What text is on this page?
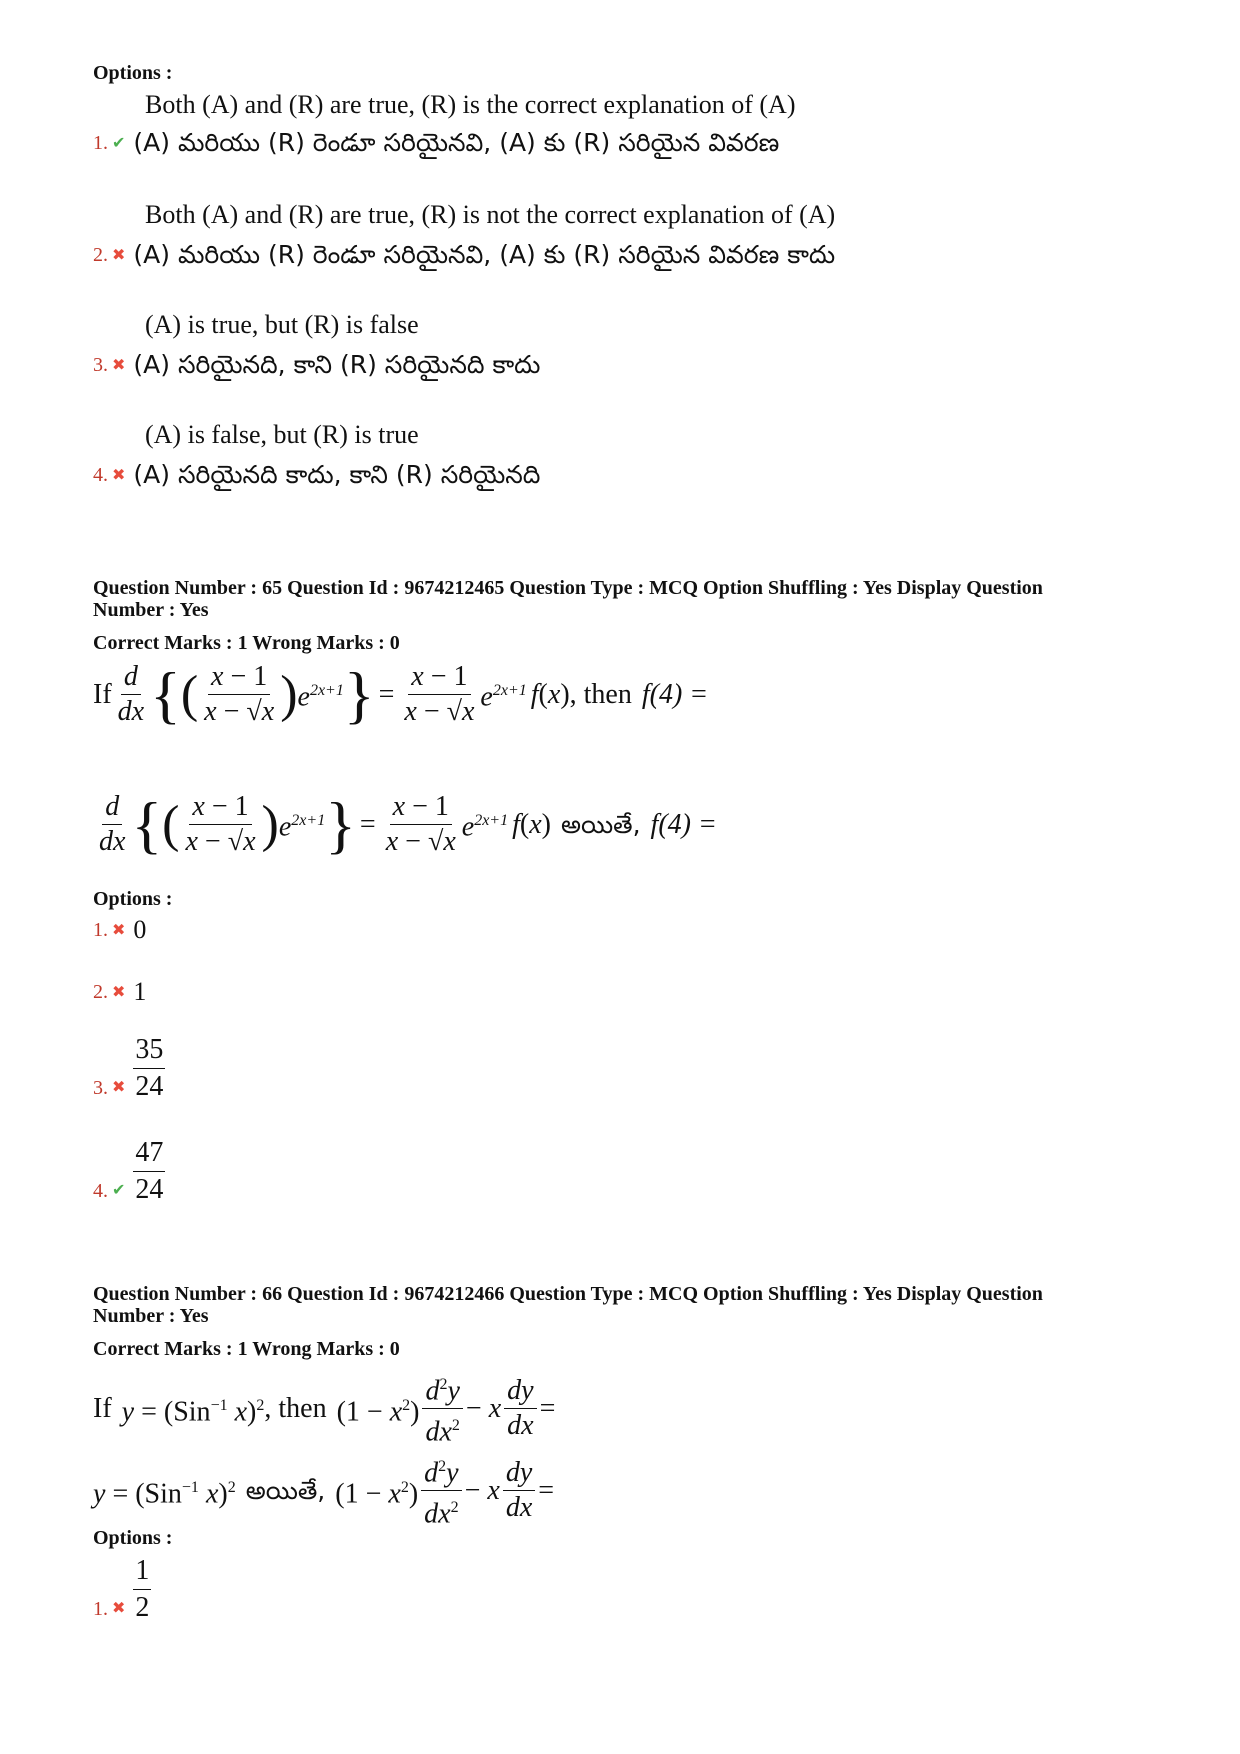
Options :
Both (A) and (R) are true, (R) is the correct explanation of (A)
1. ✔ (A) మరియు (R) రెండూ సరియైనవి, (A) కు (R) సరియైన వివరణ
Both (A) and (R) are true, (R) is not the correct explanation of (A)
2. ✖ (A) మరియు (R) రెండూ సరియైనవి, (A) కు (R) సరియైన వివరణ కాదు
(A) is true, but (R) is false
3. ✖ (A) సరియైనది, కాని (R) సరియైనది కాదు
(A) is false, but (R) is true
4. ✖ (A) సరియైనది కాదు, కాని (R) సరియైనది
Question Number : 65 Question Id : 9674212465 Question Type : MCQ Option Shuffling : Yes Display Question
Number : Yes
Correct Marks : 1 Wrong Marks : 0
If $\frac{d}{dx}$ { ( $\frac{x - 1}{x - √x}$ ) $e^{2x+1}$ } = $\frac{x - 1}{x - √x} e^{2x+1}$ f ( x ) , then f(4) =
$\frac{d}{dx}$ { ( $\frac{x - 1}{x - √x}$ ) $e^{2x+1}$ } = $\frac{x - 1}{x - √x} e^{2x+1}$ f ( x ) అయితే, f(4) =
Options :
1. ✖ 0
2. ✖ 1
3. ✖ $\frac{35}{24}$
4. ✔ $\frac{47}{24}$
Question Number : 66 Question Id : 9674212466 Question Type : MCQ Option Shuffling : Yes Display Question
Number : Yes
Correct Marks : 1 Wrong Marks : 0
If y = (Sin$^{-1}$ x)$^2$ , then $(1 - x^2) \frac{d^2y}{dx^2} - x \frac{dy}{dx}$ =
y = (Sin$^{-1}$ x)$^2$ అయితే, $(1 - x^2) \frac{d^2y}{dx^2} - x \frac{dy}{dx}$ =
Options :
1. ✖ $\frac{1}{2}$
